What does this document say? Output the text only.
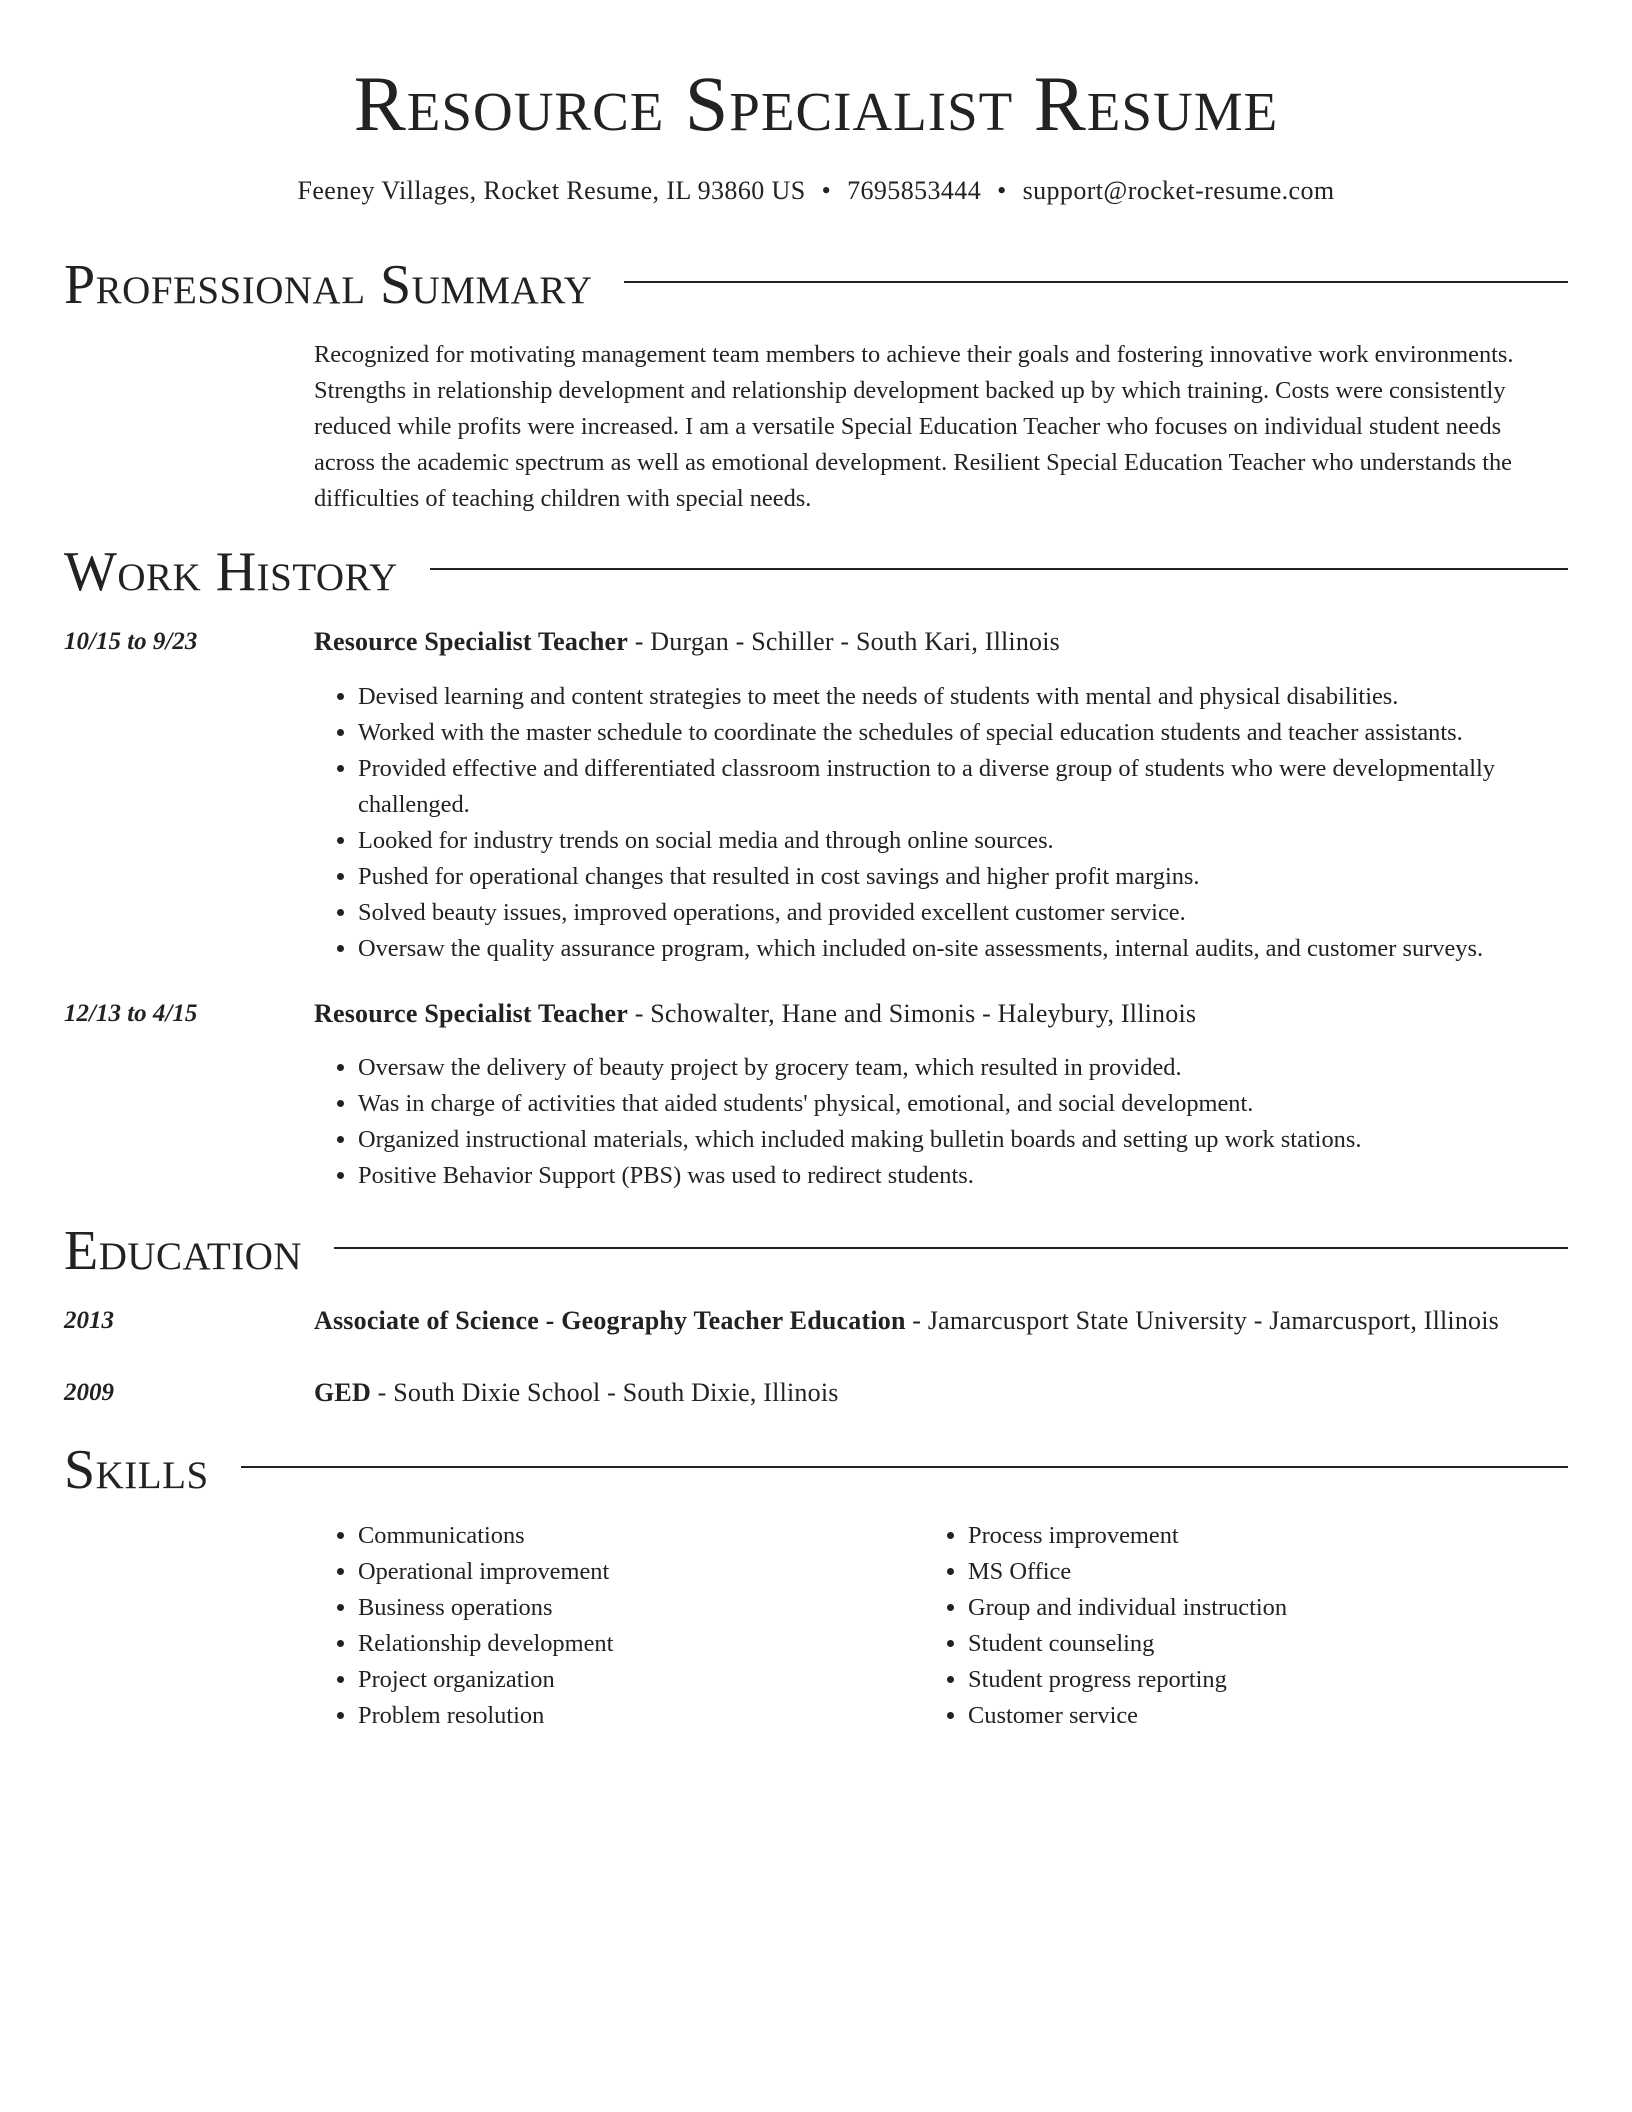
Resource Specialist Resume
Feeney Villages, Rocket Resume, IL 93860 US • 7695853444 • support@rocket-resume.com
Professional Summary
Recognized for motivating management team members to achieve their goals and fostering innovative work environments. Strengths in relationship development and relationship development backed up by which training. Costs were consistently reduced while profits were increased. I am a versatile Special Education Teacher who focuses on individual student needs across the academic spectrum as well as emotional development. Resilient Special Education Teacher who understands the difficulties of teaching children with special needs.
Work History
10/15 to 9/23	Resource Specialist Teacher - Durgan - Schiller - South Kari, Illinois
• Devised learning and content strategies to meet the needs of students with mental and physical disabilities.
• Worked with the master schedule to coordinate the schedules of special education students and teacher assistants.
• Provided effective and differentiated classroom instruction to a diverse group of students who were developmentally challenged.
• Looked for industry trends on social media and through online sources.
• Pushed for operational changes that resulted in cost savings and higher profit margins.
• Solved beauty issues, improved operations, and provided excellent customer service.
• Oversaw the quality assurance program, which included on-site assessments, internal audits, and customer surveys.
12/13 to 4/15	Resource Specialist Teacher - Schowalter, Hane and Simonis - Haleybury, Illinois
• Oversaw the delivery of beauty project by grocery team, which resulted in provided.
• Was in charge of activities that aided students' physical, emotional, and social development.
• Organized instructional materials, which included making bulletin boards and setting up work stations.
• Positive Behavior Support (PBS) was used to redirect students.
Education
2013	Associate of Science - Geography Teacher Education - Jamarcusport State University - Jamarcusport, Illinois
2009	GED - South Dixie School - South Dixie, Illinois
Skills
• Communications
• Operational improvement
• Business operations
• Relationship development
• Project organization
• Problem resolution
• Process improvement
• MS Office
• Group and individual instruction
• Student counseling
• Student progress reporting
• Customer service
